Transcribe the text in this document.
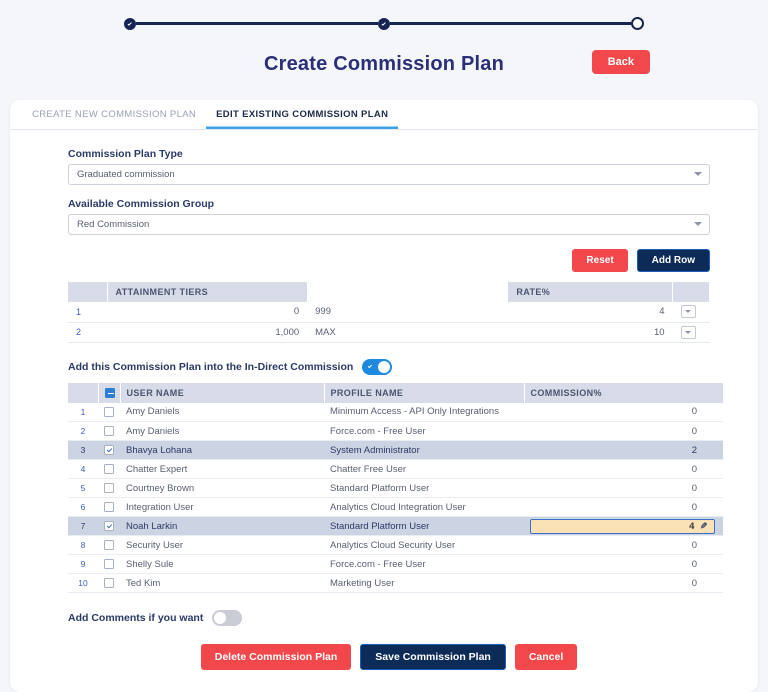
Create Commission Plan	Back
CREATE NEW COMMISSION PLAN	EDIT EXISTING COMMISSION PLAN
Commission Plan Type
Graduated commission
Available Commission Group
Red Commission
Reset	Add Row
	ATTAINMENT TIERS		RATE%	
1	0	999	4	

2	1,000	MAX	10	
Add this Commission Plan into the In-Direct Commission
		USER NAME	PROFILE NAME	COMMISSION%
1		Amy Daniels	Minimum Access - API Only Integrations	0
2		Amy Daniels	Force.com - Free User	0
3		Bhavya Lohana	System Administrator	2
4		Chatter Expert	Chatter Free User	0
5		Courtney Brown	Standard Platform User	0
6		Integration User	Analytics Cloud Integration User	0
7		Noah Larkin	Standard Platform User	4 ✎

8		Security User	Analytics Cloud Security User	0
9		Shelly Sule	Force.com - Free User	0
10		Ted Kim	Marketing User	0
Add Comments if you want
Delete Commission Plan	Save Commission Plan	Cancel
